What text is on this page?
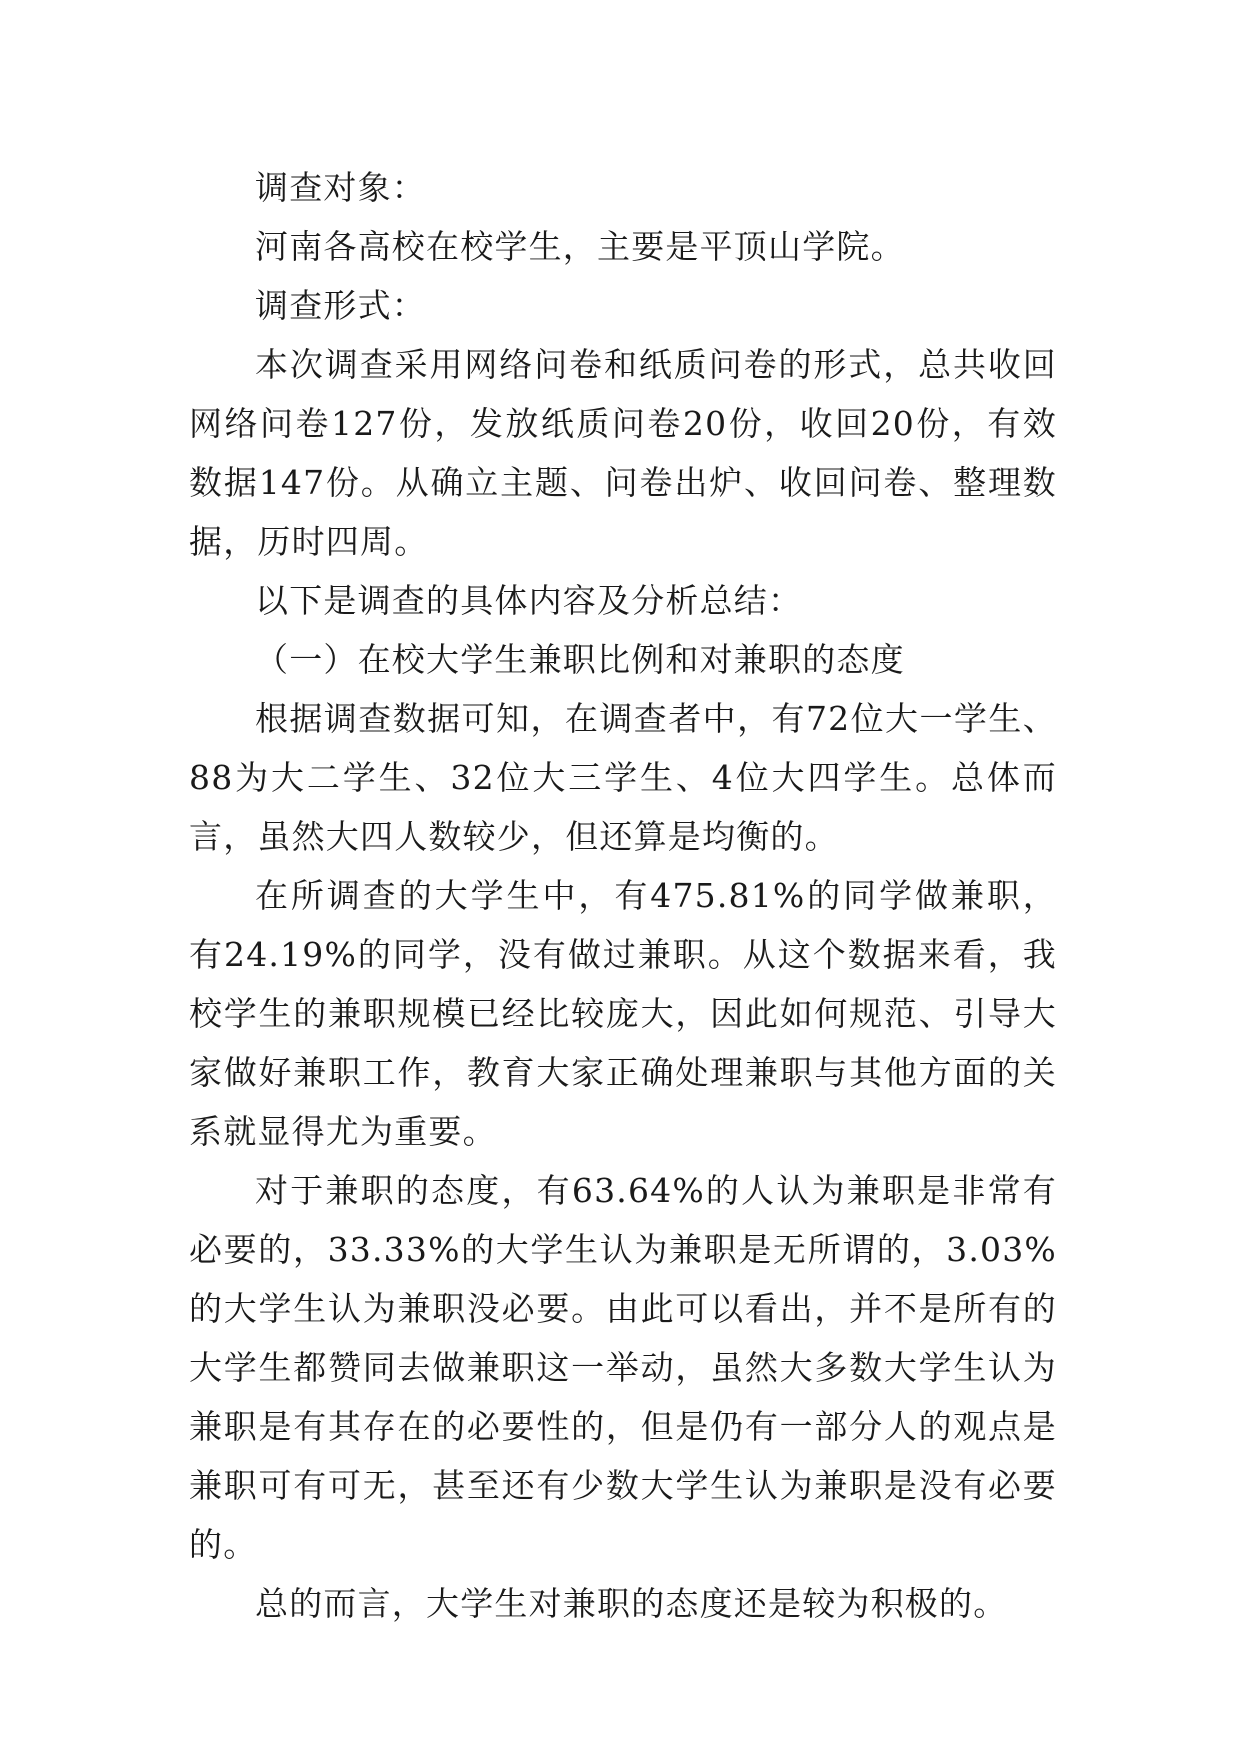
调查对象：

河南各高校在校学生，主要是平顶山学院。

调查形式：

本次调查采用网络问卷和纸质问卷的形式，总共收回网络问卷127份，发放纸质问卷20份，收回20份，有效数据147份。从确立主题、问卷出炉、收回问卷、整理数据，历时四周。

以下是调查的具体内容及分析总结：

（一）在校大学生兼职比例和对兼职的态度

根据调查数据可知，在调查者中，有72位大一学生、88为大二学生、32位大三学生、4位大四学生。总体而言，虽然大四人数较少，但还算是均衡的。

在所调查的大学生中，有475.81%的同学做兼职，有24.19%的同学，没有做过兼职。从这个数据来看，我校学生的兼职规模已经比较庞大，因此如何规范、引导大家做好兼职工作，教育大家正确处理兼职与其他方面的关系就显得尤为重要。

对于兼职的态度，有63.64%的人认为兼职是非常有必要的，33.33%的大学生认为兼职是无所谓的，3.03%的大学生认为兼职没必要。由此可以看出，并不是所有的大学生都赞同去做兼职这一举动，虽然大多数大学生认为兼职是有其存在的必要性的，但是仍有一部分人的观点是兼职可有可无，甚至还有少数大学生认为兼职是没有必要的。

总的而言，大学生对兼职的态度还是较为积极的。
